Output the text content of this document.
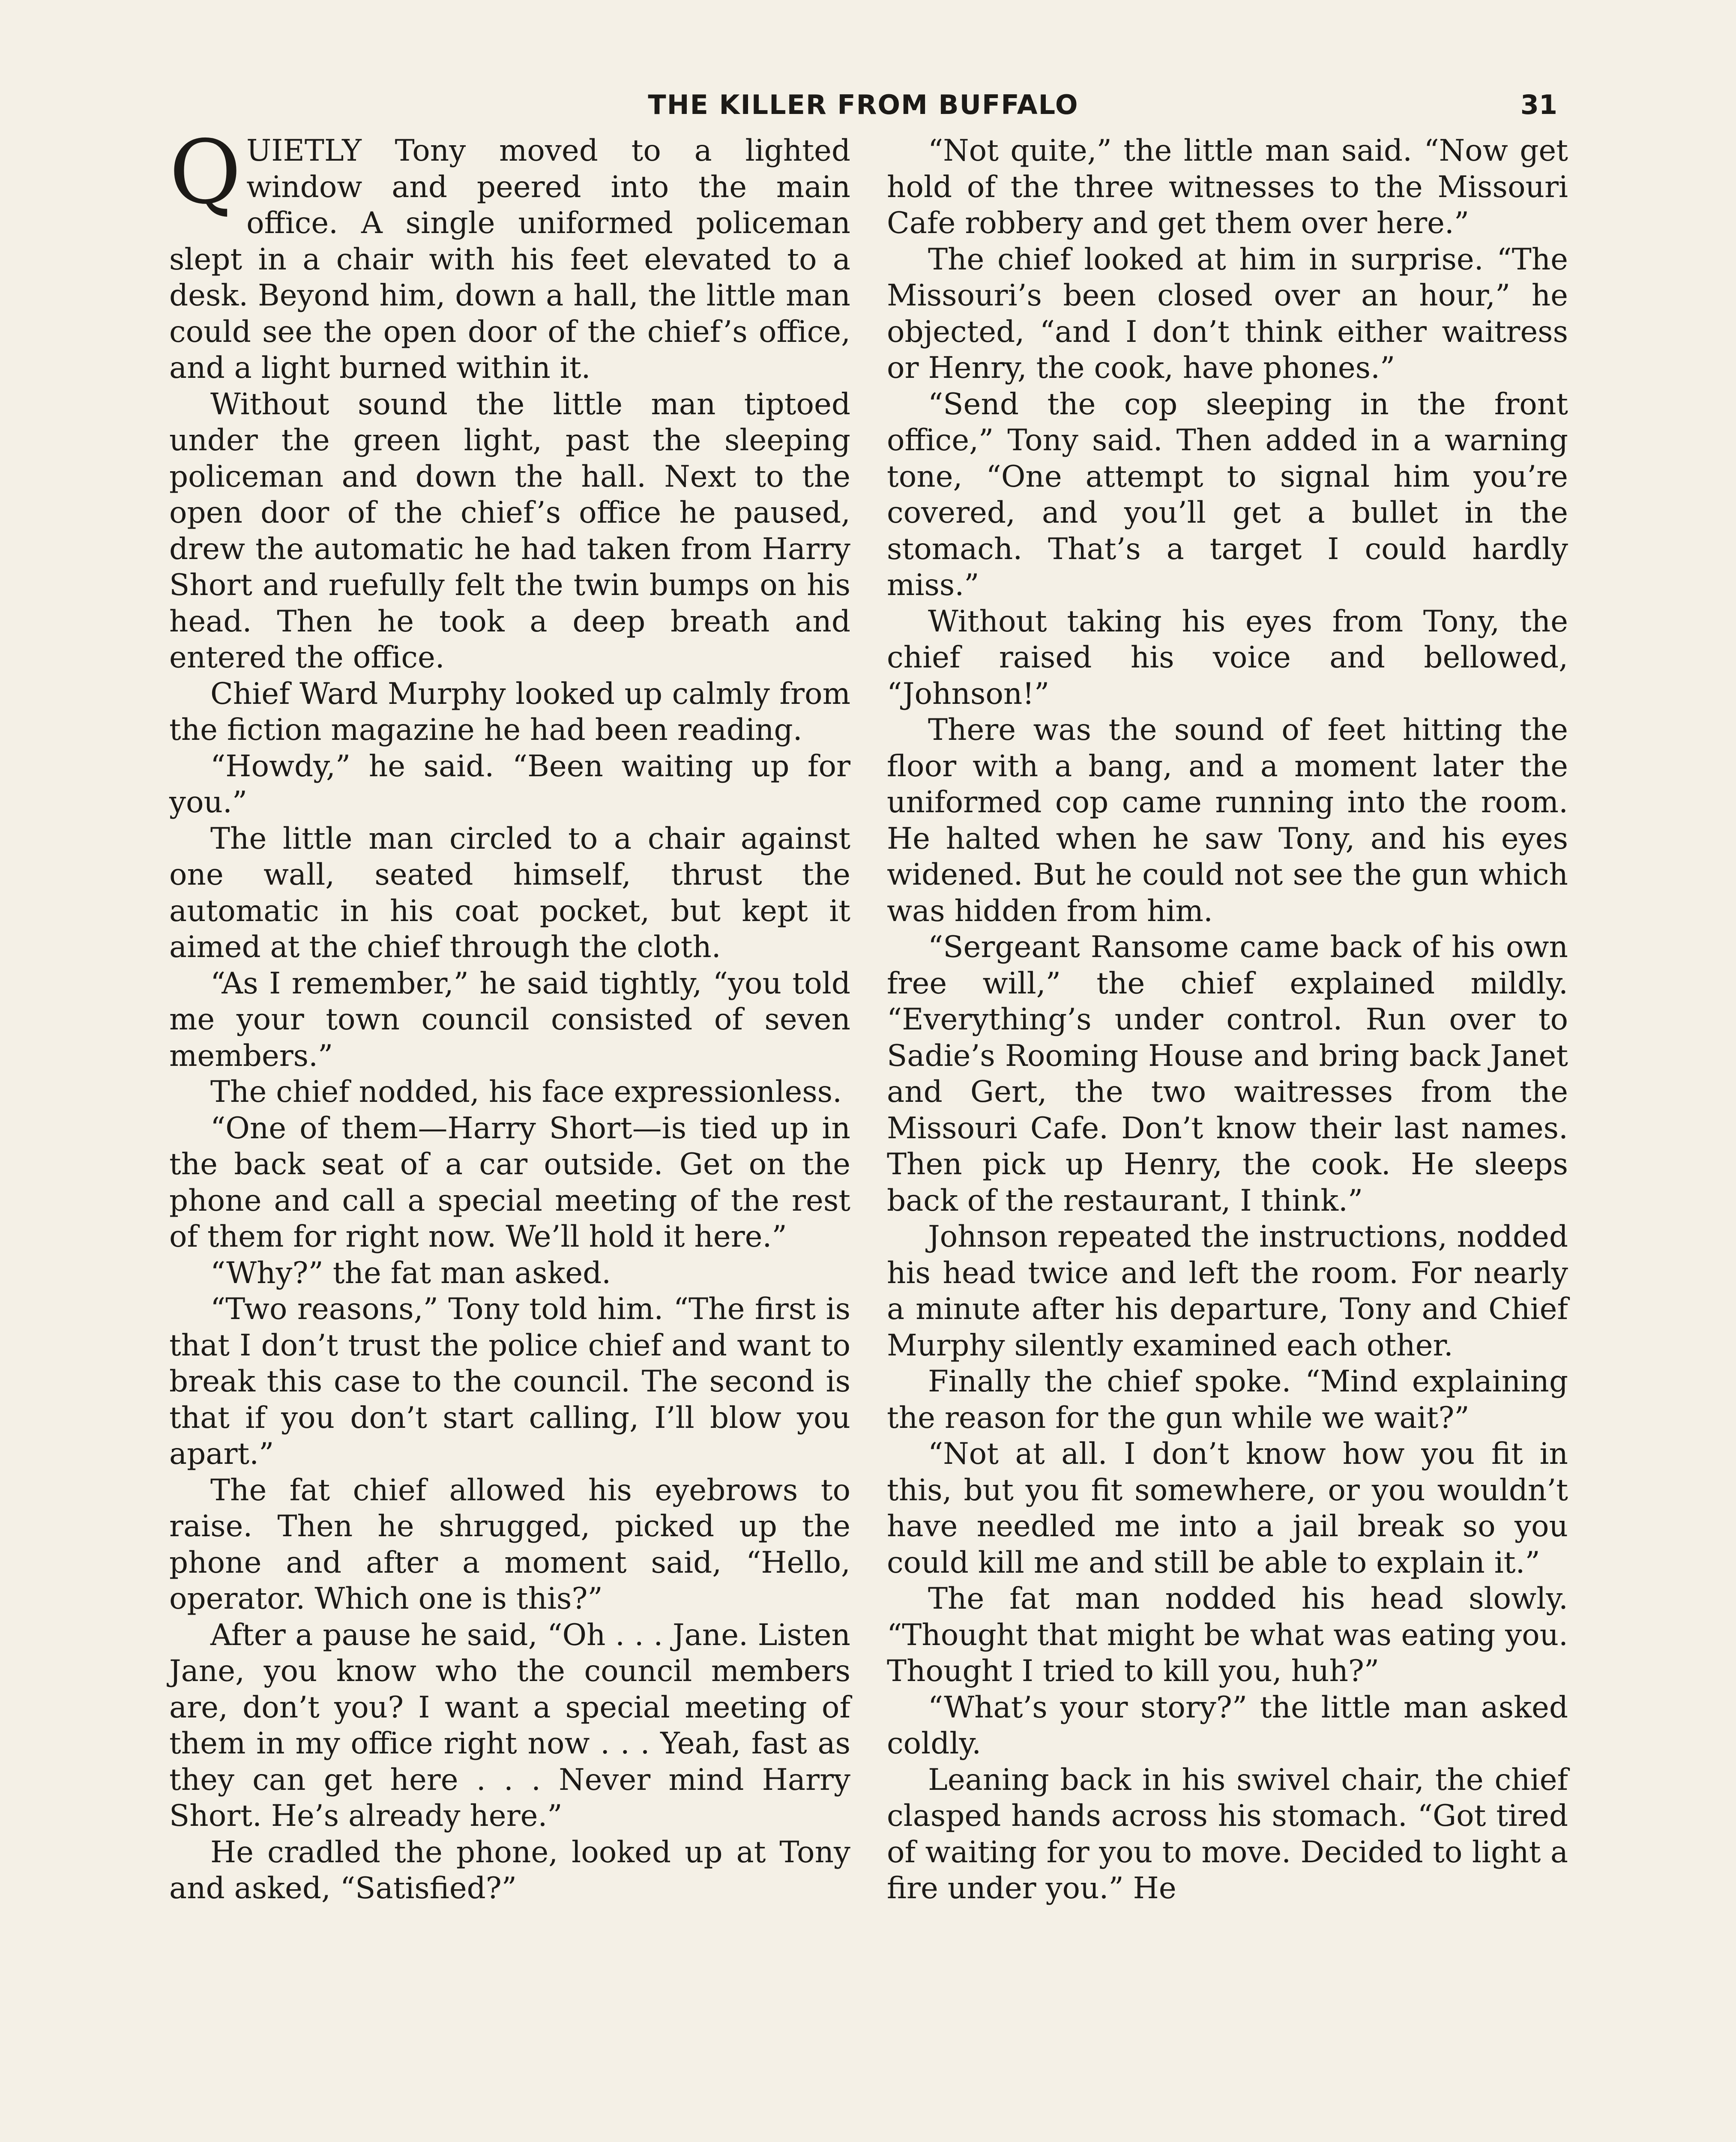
THE KILLER FROM BUFFALO	31

QUIETLY Tony moved to a lighted window and peered into the main office. A single uniformed policeman slept in a chair with his feet elevated to a desk. Beyond him, down a hall, the little man could see the open door of the chief’s office, and a light burned within it.

Without sound the little man tiptoed under the green light, past the sleeping policeman and down the hall. Next to the open door of the chief’s office he paused, drew the automatic he had taken from Harry Short and ruefully felt the twin bumps on his head. Then he took a deep breath and entered the office.

Chief Ward Murphy looked up calmly from the fiction magazine he had been reading.

“Howdy,” he said. “Been waiting up for you.”

The little man circled to a chair against one wall, seated himself, thrust the automatic in his coat pocket, but kept it aimed at the chief through the cloth.

“As I remember,” he said tightly, “you told me your town council consisted of seven members.”

The chief nodded, his face expressionless.

“One of them—Harry Short—is tied up in the back seat of a car outside. Get on the phone and call a special meeting of the rest of them for right now. We’ll hold it here.”

“Why?” the fat man asked.

“Two reasons,” Tony told him. “The first is that I don’t trust the police chief and want to break this case to the council. The second is that if you don’t start calling, I’ll blow you apart.”

The fat chief allowed his eyebrows to raise. Then he shrugged, picked up the phone and after a moment said, “Hello, operator. Which one is this?”

After a pause he said, “Oh . . . Jane. Listen Jane, you know who the council members are, don’t you? I want a special meeting of them in my office right now . . . Yeah, fast as they can get here . . . Never mind Harry Short. He’s already here.”

He cradled the phone, looked up at Tony and asked, “Satisfied?”

“Not quite,” the little man said. “Now get hold of the three witnesses to the Missouri Cafe robbery and get them over here.”

The chief looked at him in surprise. “The Missouri’s been closed over an hour,” he objected, “and I don’t think either waitress or Henry, the cook, have phones.”

“Send the cop sleeping in the front office,” Tony said. Then added in a warning tone, “One attempt to signal him you’re covered, and you’ll get a bullet in the stomach. That’s a target I could hardly miss.”

Without taking his eyes from Tony, the chief raised his voice and bellowed, “Johnson!”

There was the sound of feet hitting the floor with a bang, and a moment later the uniformed cop came running into the room. He halted when he saw Tony, and his eyes widened. But he could not see the gun which was hidden from him.

“Sergeant Ransome came back of his own free will,” the chief explained mildly. “Everything’s under control. Run over to Sadie’s Rooming House and bring back Janet and Gert, the two waitresses from the Missouri Cafe. Don’t know their last names. Then pick up Henry, the cook. He sleeps back of the restaurant, I think.”

Johnson repeated the instructions, nodded his head twice and left the room. For nearly a minute after his departure, Tony and Chief Murphy silently examined each other.

Finally the chief spoke. “Mind explaining the reason for the gun while we wait?”

“Not at all. I don’t know how you fit in this, but you fit somewhere, or you wouldn’t have needled me into a jail break so you could kill me and still be able to explain it.”

The fat man nodded his head slowly. “Thought that might be what was eating you. Thought I tried to kill you, huh?”

“What’s your story?” the little man asked coldly.

Leaning back in his swivel chair, the chief clasped hands across his stomach. “Got tired of waiting for you to move. Decided to light a fire under you.” He
